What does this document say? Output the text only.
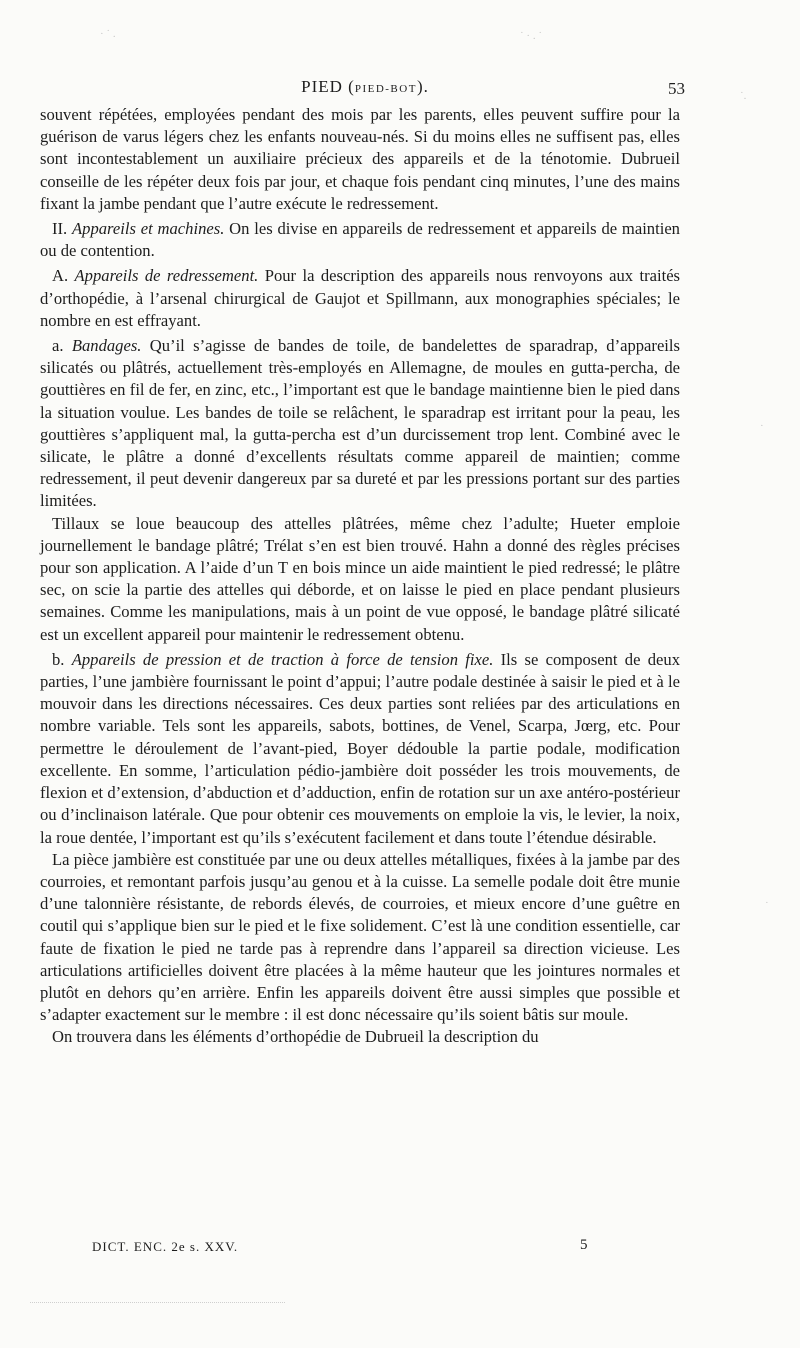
· ˙ .	˙ · . ˙
˙.
·
˙
PIED (PIED-BOT).	53

souvent répétées, employées pendant des mois par les parents, elles peuvent suffire pour la guérison de varus légers chez les enfants nouveau-nés. Si du moins elles ne suffisent pas, elles sont incontestablement un auxiliaire précieux des appareils et de la ténotomie. Dubrueil conseille de les répéter deux fois par jour, et chaque fois pendant cinq minutes, l’une des mains fixant la jambe pendant que l’autre exécute le redressement.

II. Appareils et machines. On les divise en appareils de redressement et appareils de maintien ou de contention.

A. Appareils de redressement. Pour la description des appareils nous renvoyons aux traités d’orthopédie, à l’arsenal chirurgical de Gaujot et Spillmann, aux monographies spéciales; le nombre en est effrayant.

a. Bandages. Qu’il s’agisse de bandes de toile, de bandelettes de sparadrap, d’appareils silicatés ou plâtrés, actuellement très-employés en Allemagne, de moules en gutta-percha, de gouttières en fil de fer, en zinc, etc., l’important est que le bandage maintienne bien le pied dans la situation voulue. Les bandes de toile se relâchent, le sparadrap est irritant pour la peau, les gouttières s’appliquent mal, la gutta-percha est d’un durcissement trop lent. Combiné avec le silicate, le plâtre a donné d’excellents résultats comme appareil de maintien; comme redressement, il peut devenir dangereux par sa dureté et par les pressions portant sur des parties limitées.

Tillaux se loue beaucoup des attelles plâtrées, même chez l’adulte; Hueter emploie journellement le bandage plâtré; Trélat s’en est bien trouvé. Hahn a donné des règles précises pour son application. A l’aide d’un T en bois mince un aide maintient le pied redressé; le plâtre sec, on scie la partie des attelles qui déborde, et on laisse le pied en place pendant plusieurs semaines. Comme les manipulations, mais à un point de vue opposé, le bandage plâtré silicaté est un excellent appareil pour maintenir le redressement obtenu.

b. Appareils de pression et de traction à force de tension fixe. Ils se composent de deux parties, l’une jambière fournissant le point d’appui; l’autre podale destinée à saisir le pied et à le mouvoir dans les directions nécessaires. Ces deux parties sont reliées par des articulations en nombre variable. Tels sont les appareils, sabots, bottines, de Venel, Scarpa, Jœrg, etc. Pour permettre le déroulement de l’avant-pied, Boyer dédouble la partie podale, modification excellente. En somme, l’articulation pédio-jambière doit posséder les trois mouvements, de flexion et d’extension, d’abduction et d’adduction, enfin de rotation sur un axe antéro-postérieur ou d’inclinaison latérale. Que pour obtenir ces mouvements on emploie la vis, le levier, la noix, la roue dentée, l’important est qu’ils s’exécutent facilement et dans toute l’étendue désirable.

La pièce jambière est constituée par une ou deux attelles métalliques, fixées à la jambe par des courroies, et remontant parfois jusqu’au genou et à la cuisse. La semelle podale doit être munie d’une talonnière résistante, de rebords élevés, de courroies, et mieux encore d’une guêtre en coutil qui s’applique bien sur le pied et le fixe solidement. C’est là une condition essentielle, car faute de fixation le pied ne tarde pas à reprendre dans l’appareil sa direction vicieuse. Les articulations artificielles doivent être placées à la même hauteur que les jointures normales et plutôt en dehors qu’en arrière. Enfin les appareils doivent être aussi simples que possible et s’adapter exactement sur le membre : il est donc nécessaire qu’ils soient bâtis sur moule.

On trouvera dans les éléments d’orthopédie de Dubrueil la description du

DICT. ENC. 2e s. XXV.	5
